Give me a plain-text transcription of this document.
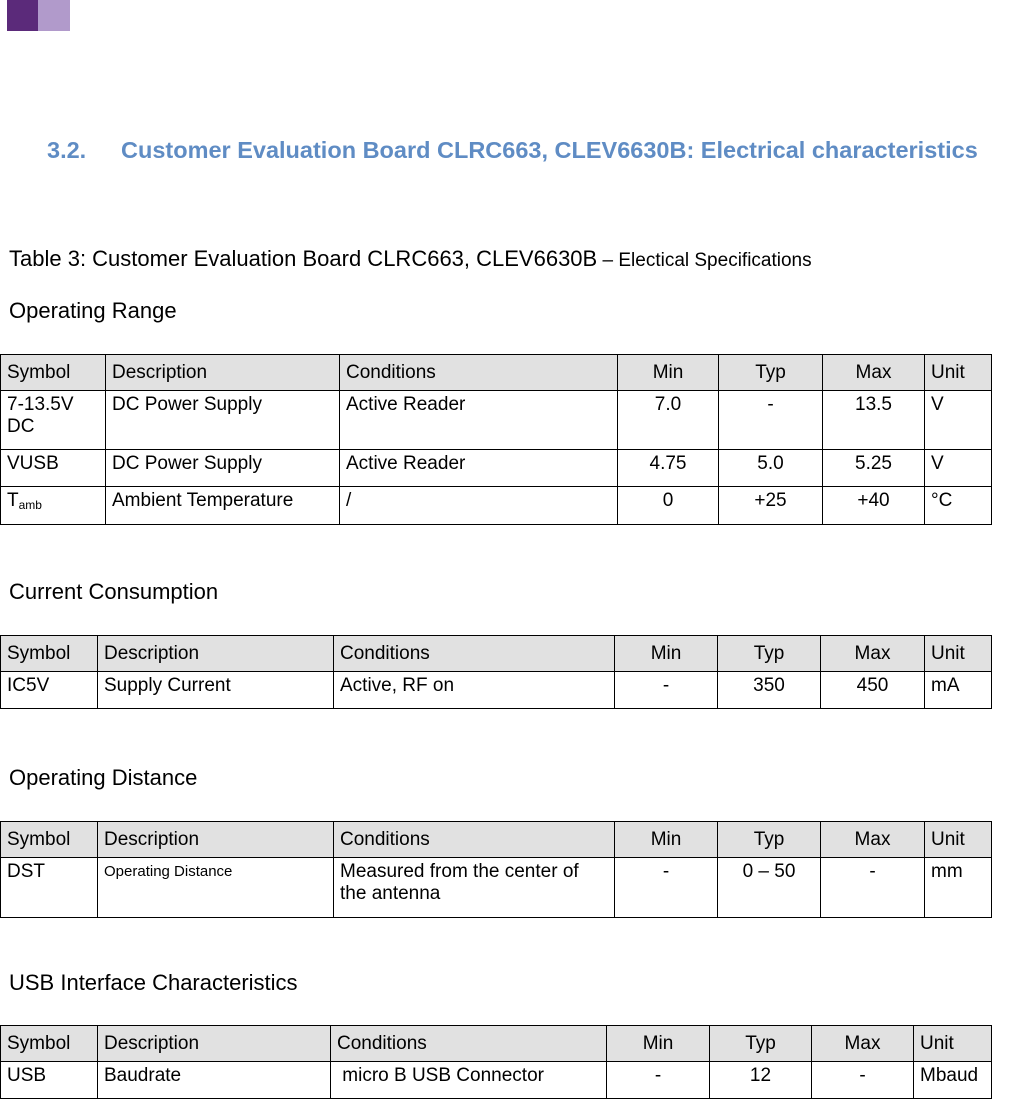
3.2. Customer Evaluation Board CLRC663, CLEV6630B: Electrical characteristics
Table 3: Customer Evaluation Board CLRC663, CLEV6630B – Electical Specifications
Operating Range
Symbol	Description	Conditions	Min	Typ	Max	Unit
7-13.5V DC	DC Power Supply	Active Reader	7.0	-	13.5	V
VUSB	DC Power Supply	Active Reader	4.75	5.0	5.25	V
$T_{amb}$	Ambient Temperature	/	0	+25	+40	°C
Current Consumption
Symbol	Description	Conditions	Min	Typ	Max	Unit
IC5V	Supply Current	Active, RF on	-	350	450	mA
Operating Distance
Symbol	Description	Conditions	Min	Typ	Max	Unit
DST	Operating Distance	Measured from the center of the antenna	-	0 – 50	-	mm
USB Interface Characteristics
Symbol	Description	Conditions	Min	Typ	Max	Unit
USB	Baudrate	micro B USB Connector	-	12	-	Mbaud
